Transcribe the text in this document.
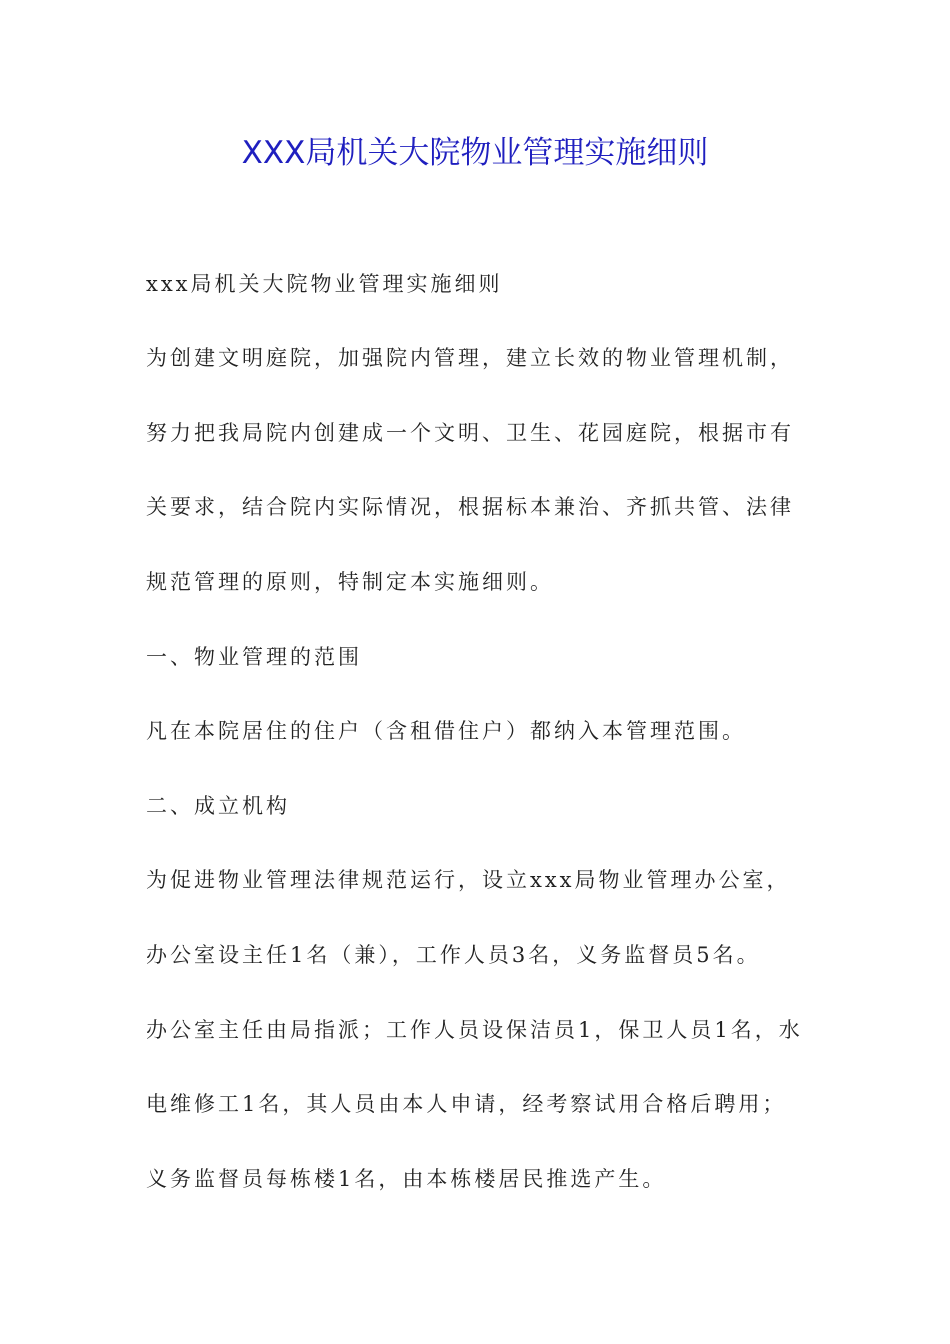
XXX局机关大院物业管理实施细则
xxx局机关大院物业管理实施细则
为创建文明庭院，加强院内管理，建立长效的物业管理机制，
努力把我局院内创建成一个文明、卫生、花园庭院，根据市有
关要求，结合院内实际情况，根据标本兼治、齐抓共管、法律
规范管理的原则，特制定本实施细则。
一、物业管理的范围
凡在本院居住的住户（含租借住户）都纳入本管理范围。
二、成立机构
为促进物业管理法律规范运行，设立xxx局物业管理办公室，
办公室设主任1名（兼），工作人员3名，义务监督员5名。
办公室主任由局指派；工作人员设保洁员1，保卫人员1名，水
电维修工1名，其人员由本人申请，经考察试用合格后聘用；
义务监督员每栋楼1名，由本栋楼居民推选产生。
